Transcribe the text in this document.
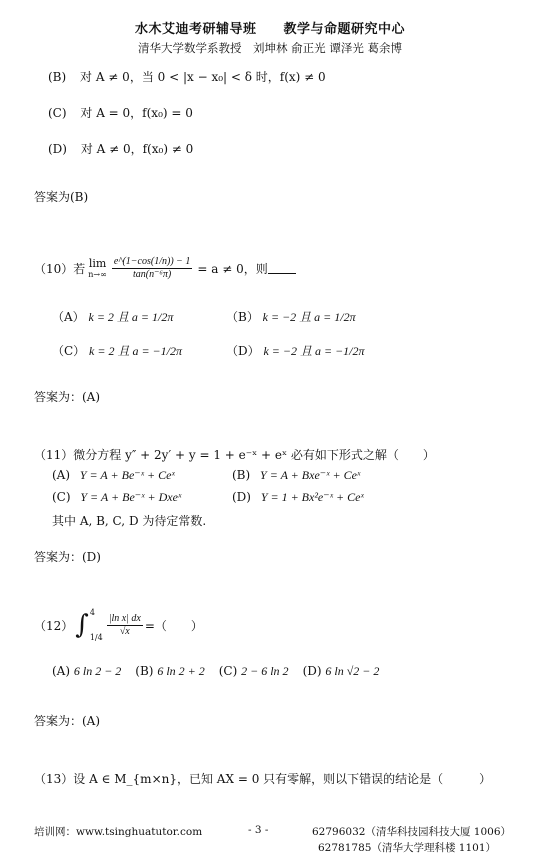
水木艾迪考研辅导班　　教学与命题研究中心
清华大学数学系教授　刘坤林 俞正光 谭泽光 葛余博
(B) 对 A ≠ 0，当 0 < |x − x₀| < δ 时，f(x) ≠ 0
(C) 对 A = 0，f(x₀) = 0
(D) 对 A ≠ 0，f(x₀) ≠ 0
答案为(B)
（10）若 lim
$n\to\infty \frac{e\^{}(1-\cos(1/n)) - 1}{\text{tan(n⁻⁶π)}} = a \ne 0$，则
（A） k = 2 且 a = 1/2π	（B） k = −2 且 a = 1/2π
（C） k = 2 且 a = −1/2π	（D） k = −2 且 a = −1/2π
答案为：(A)
（11）微分方程 y″ + 2y′ + y = 1 + e⁻ˣ + eˣ 必有如下形式之解（　　）
(A) Y = A + Be⁻ˣ + Ceˣ	(B) Y = A + Bxe⁻ˣ + Ceˣ
(C) Y = A + Be⁻ˣ + Dxeˣ	(D) Y = 1 + Bx²e⁻ˣ + Ceˣ
其中 A, B, C, D 为待定常数.
答案为：(D)
（12） ∫ 4
$1/4 \frac{\text{|ln x| dx}}{√x}$ =（　　）
(A) 6 ln 2 − 2 (B) 6 ln 2 + 2 (C) 2 − 6 ln 2 (D) 6 ln √2 − 2
答案为：(A)
（13）设 A ∈ M_{m×n}，已知 AX = 0 只有零解，则以下错误的结论是（　　　）
培训网：www.tsinghuatutor.com	- 3 -	62796032（清华科技园科技大厦 1006）
62781785（清华大学理科楼 1101）
